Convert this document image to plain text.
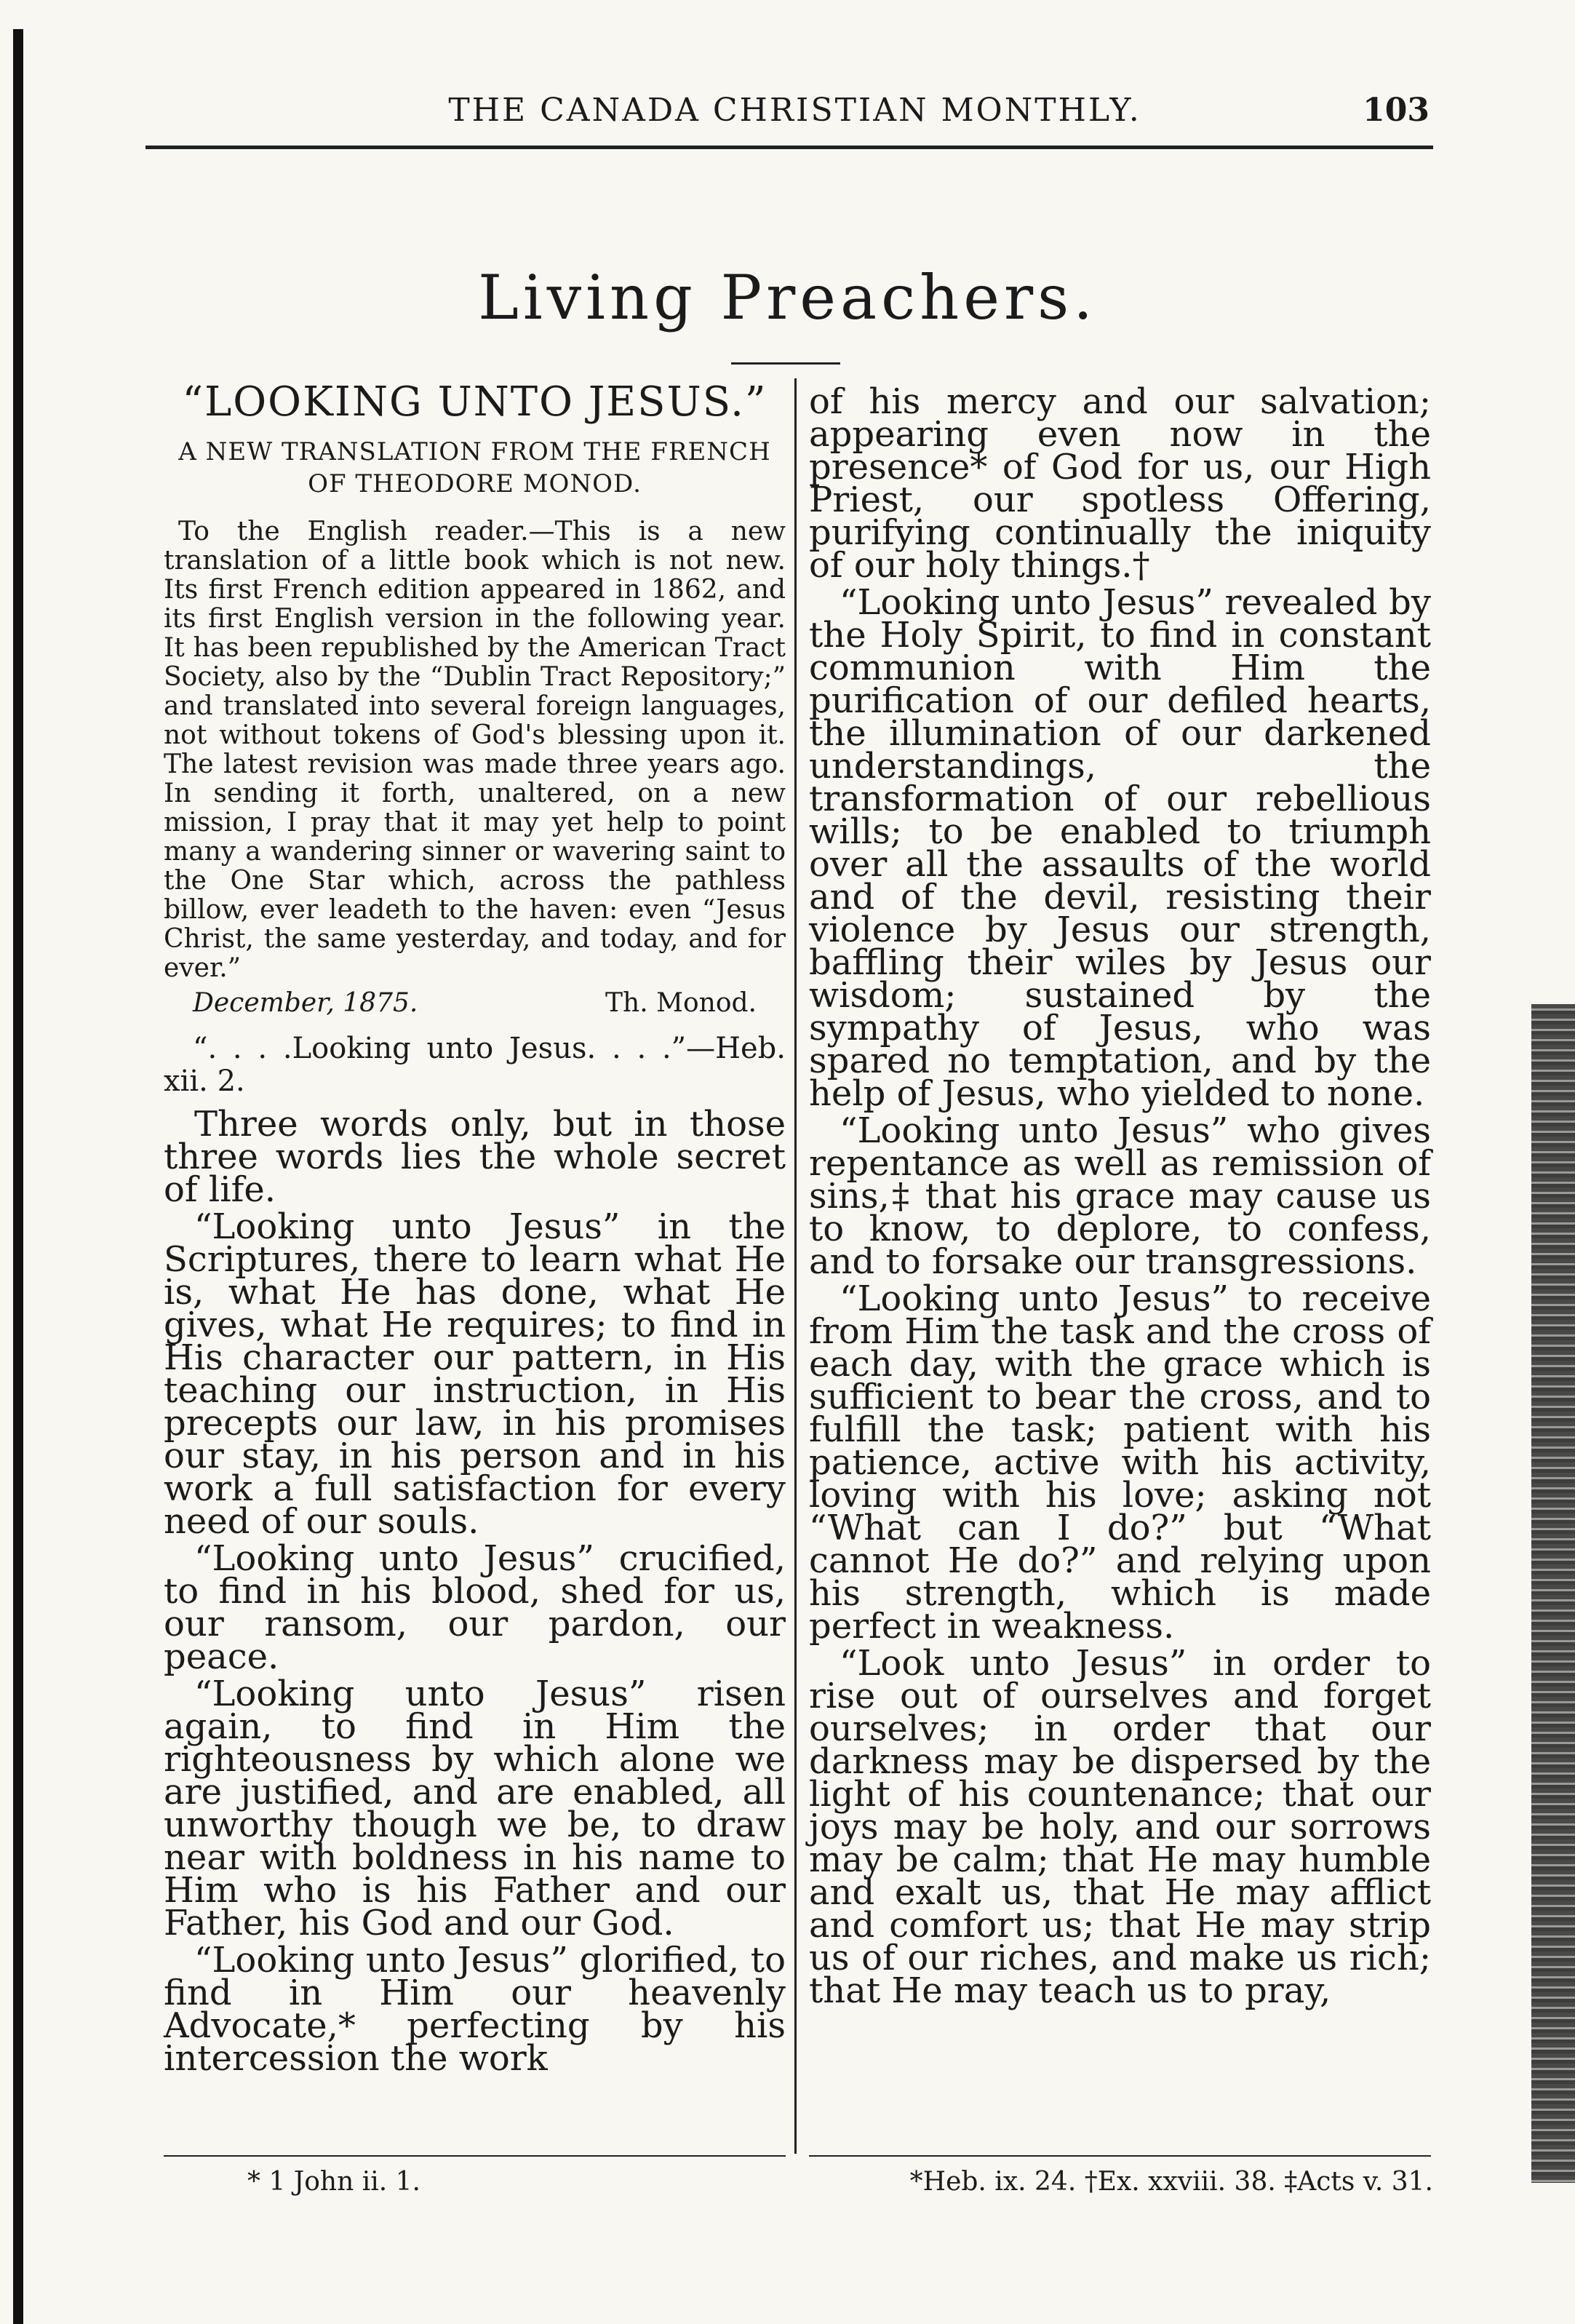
THE CANADA CHRISTIAN MONTHLY.	103
Living Preachers.

“LOOKING UNTO JESUS.”

A NEW TRANSLATION FROM THE FRENCH OF THEODORE MONOD.

To the English reader.—This is a new translation of a little book which is not new. Its first French edition appeared in 1862, and its first English version in the following year. It has been republished by the American Tract Society, also by the “Dublin Tract Repository;” and translated into several foreign languages, not without tokens of God's blessing upon it. The latest revision was made three years ago. In sending it forth, unaltered, on a new mission, I pray that it may yet help to point many a wandering sinner or wavering saint to the One Star which, across the pathless billow, ever leadeth to the haven: even “Jesus Christ, the same yesterday, and today, and for ever.”

December, 1875.	Th. Monod.

“. . . .Looking unto Jesus. . . .”—Heb. xii. 2.

Three words only, but in those three words lies the whole secret of life.

“Looking unto Jesus” in the Scriptures, there to learn what He is, what He has done, what He gives, what He requires; to find in His character our pattern, in His teaching our instruction, in His precepts our law, in his promises our stay, in his person and in his work a full satisfaction for every need of our souls.

“Looking unto Jesus” crucified, to find in his blood, shed for us, our ransom, our pardon, our peace.

“Looking unto Jesus” risen again, to find in Him the righteousness by which alone we are justified, and are enabled, all unworthy though we be, to draw near with boldness in his name to Him who is his Father and our Father, his God and our God.

“Looking unto Jesus” glorified, to find in Him our heavenly Advocate,* perfecting by his intercession the work

of his mercy and our salvation; appearing even now in the presence* of God for us, our High Priest, our spotless Offering, purifying continually the iniquity of our holy things.†

“Looking unto Jesus” revealed by the Holy Spirit, to find in constant communion with Him the purification of our defiled hearts, the illumination of our darkened understandings, the transformation of our rebellious wills; to be enabled to triumph over all the assaults of the world and of the devil, resisting their violence by Jesus our strength, baffling their wiles by Jesus our wisdom; sustained by the sympathy of Jesus, who was spared no temptation, and by the help of Jesus, who yielded to none.

“Looking unto Jesus” who gives repentance as well as remission of sins,‡ that his grace may cause us to know, to deplore, to confess, and to forsake our transgressions.

“Looking unto Jesus” to receive from Him the task and the cross of each day, with the grace which is sufficient to bear the cross, and to fulfill the task; patient with his patience, active with his activity, loving with his love; asking not “What can I do?” but “What cannot He do?” and relying upon his strength, which is made perfect in weakness.

“Look unto Jesus” in order to rise out of ourselves and forget ourselves; in order that our darkness may be dispersed by the light of his countenance; that our joys may be holy, and our sorrows may be calm; that He may humble and exalt us, that He may afflict and comfort us; that He may strip us of our riches, and make us rich; that He may teach us to pray,

* 1 John ii. 1.	*Heb. ix. 24. †Ex. xxviii. 38. ‡Acts v. 31.
